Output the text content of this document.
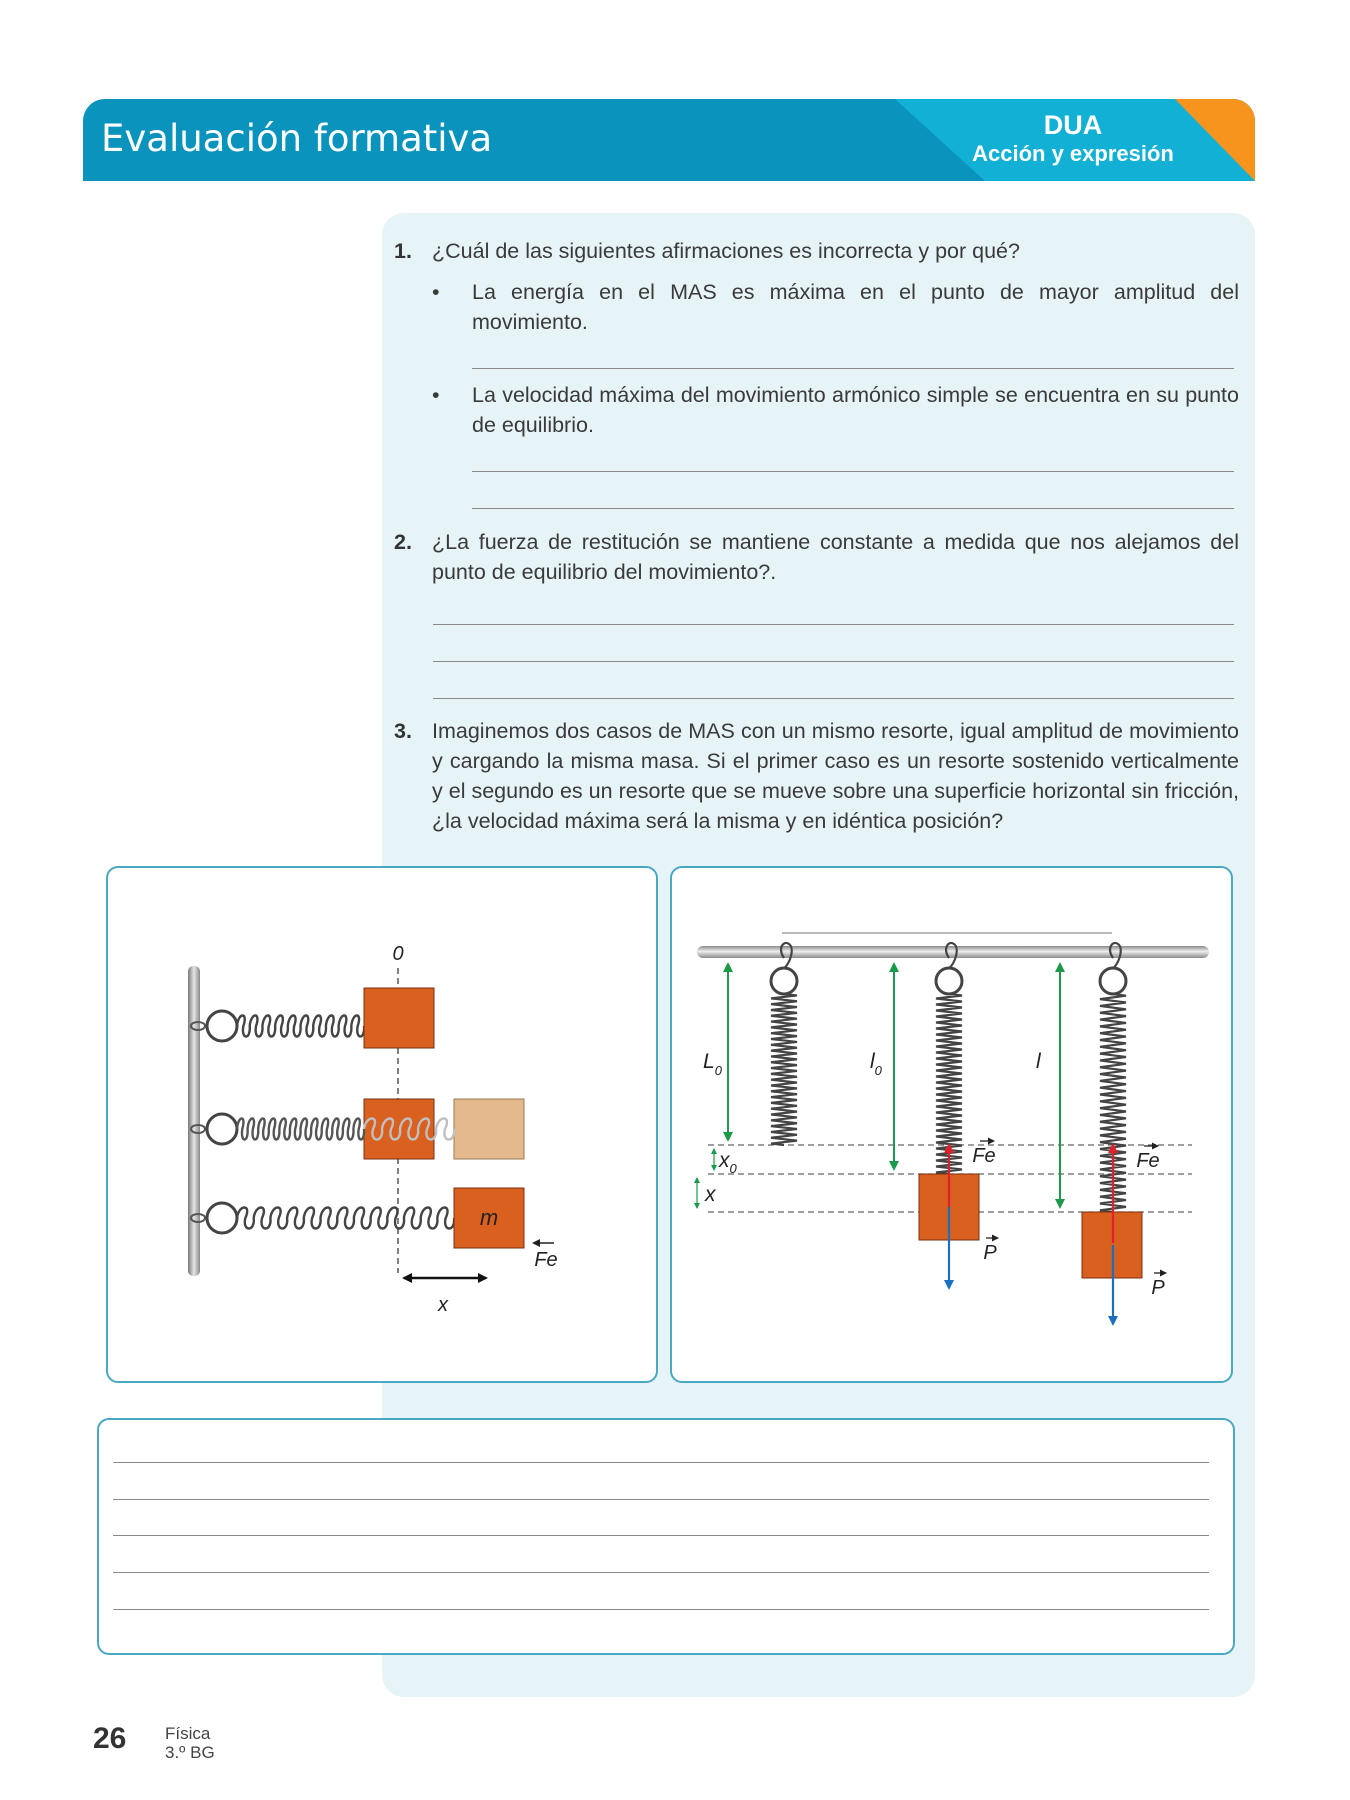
Evaluación formativa	DUA
Acción y expresión
1. ¿Cuál de las siguientes afirmaciones es incorrecta y por qué?
• La energía en el MAS es máxima en el punto de mayor amplitud del movimiento.
• La velocidad máxima del movimiento armónico simple se encuentra en su punto de equilibrio.
2. ¿La fuerza de restitución se mantiene constante a medida que nos alejamos del punto de equilibrio del movimiento?.
3. Imaginemos dos casos de MAS con un mismo resorte, igual amplitud de movimiento y cargando la misma masa. Si el primer caso es un resorte sostenido verticalmente y el segundo es un resorte que se mueve sobre una superficie horizontal sin fricción, ¿la velocidad máxima será la misma y en idéntica posición?
0
m
Fe
x
$L_0$	$l_0$	l
$x_0$
x
Fe	Fe
P
P
26 Física
3.º BG
